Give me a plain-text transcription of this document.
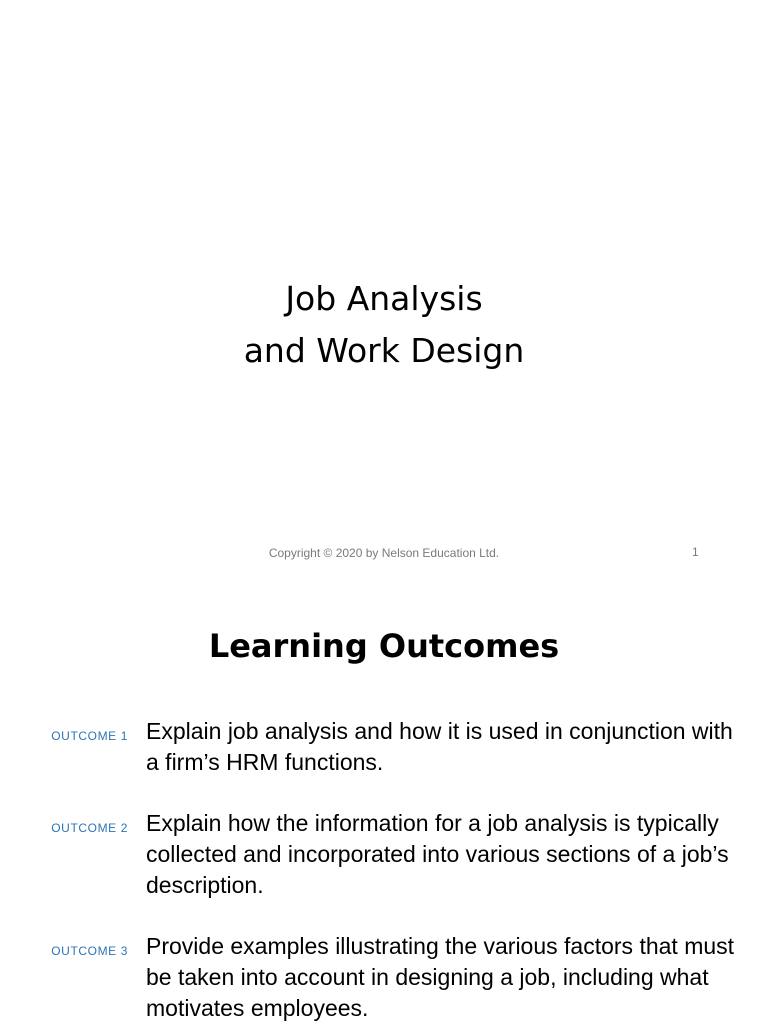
Job Analysis
and Work Design
Copyright © 2020 by Nelson Education Ltd.	1
Learning Outcomes
OUTCOME 1 Explain job analysis and how it is used in conjunction with a firm’s HRM functions.
OUTCOME 2 Explain how the information for a job analysis is typically collected and incorporated into various sections of a job’s description.
OUTCOME 3 Provide examples illustrating the various factors that must be taken into account in designing a job, including what motivates employees.
